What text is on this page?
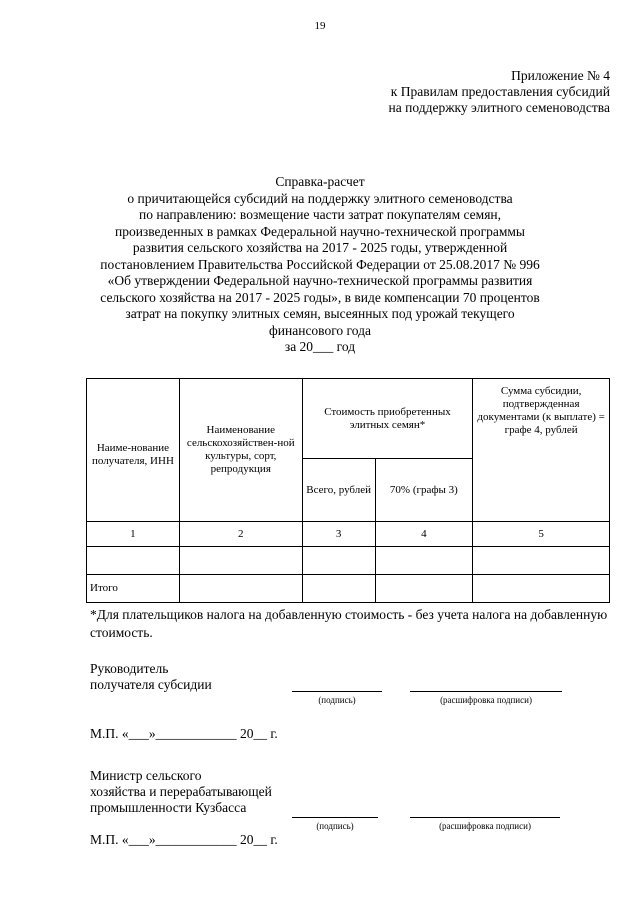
19
Приложение № 4
к Правилам предоставления субсидий
на поддержку элитного семеноводства
Справка-расчет
о причитающейся субсидий на поддержку элитного семеноводства
по направлению: возмещение части затрат покупателям семян,
произведенных в рамках Федеральной научно-технической программы
развития сельского хозяйства на 2017 - 2025 годы, утвержденной
постановлением Правительства Российской Федерации от 25.08.2017 № 996
«Об утверждении Федеральной научно-технической программы развития
сельского хозяйства на 2017 - 2025 годы», в виде компенсации 70 процентов
затрат на покупку элитных семян, высеянных под урожай текущего
финансового года
за 20___ год
Наиме-нование получателя, ИНН	Наименование сельскохозяйствен-ной культуры, сорт, репродукция	Стоимость приобретенных элитных семян*		Сумма субсидии, подтвержденная документами (к выплате) = графе 4, рублей
		Всего, рублей	70% (графы 3)	
1	2	3	4	5

Итого				
*Для плательщиков налога на добавленную стоимость - без учета налога на добавленную стоимость.
Руководитель
получателя субсидии
(подпись)	(расшифровка подписи)
М.П. «___»____________ 20__ г.
Министр сельского
хозяйства и перерабатывающей
промышленности Кузбасса
(подпись)	(расшифровка подписи)
М.П. «___»____________ 20__ г.
